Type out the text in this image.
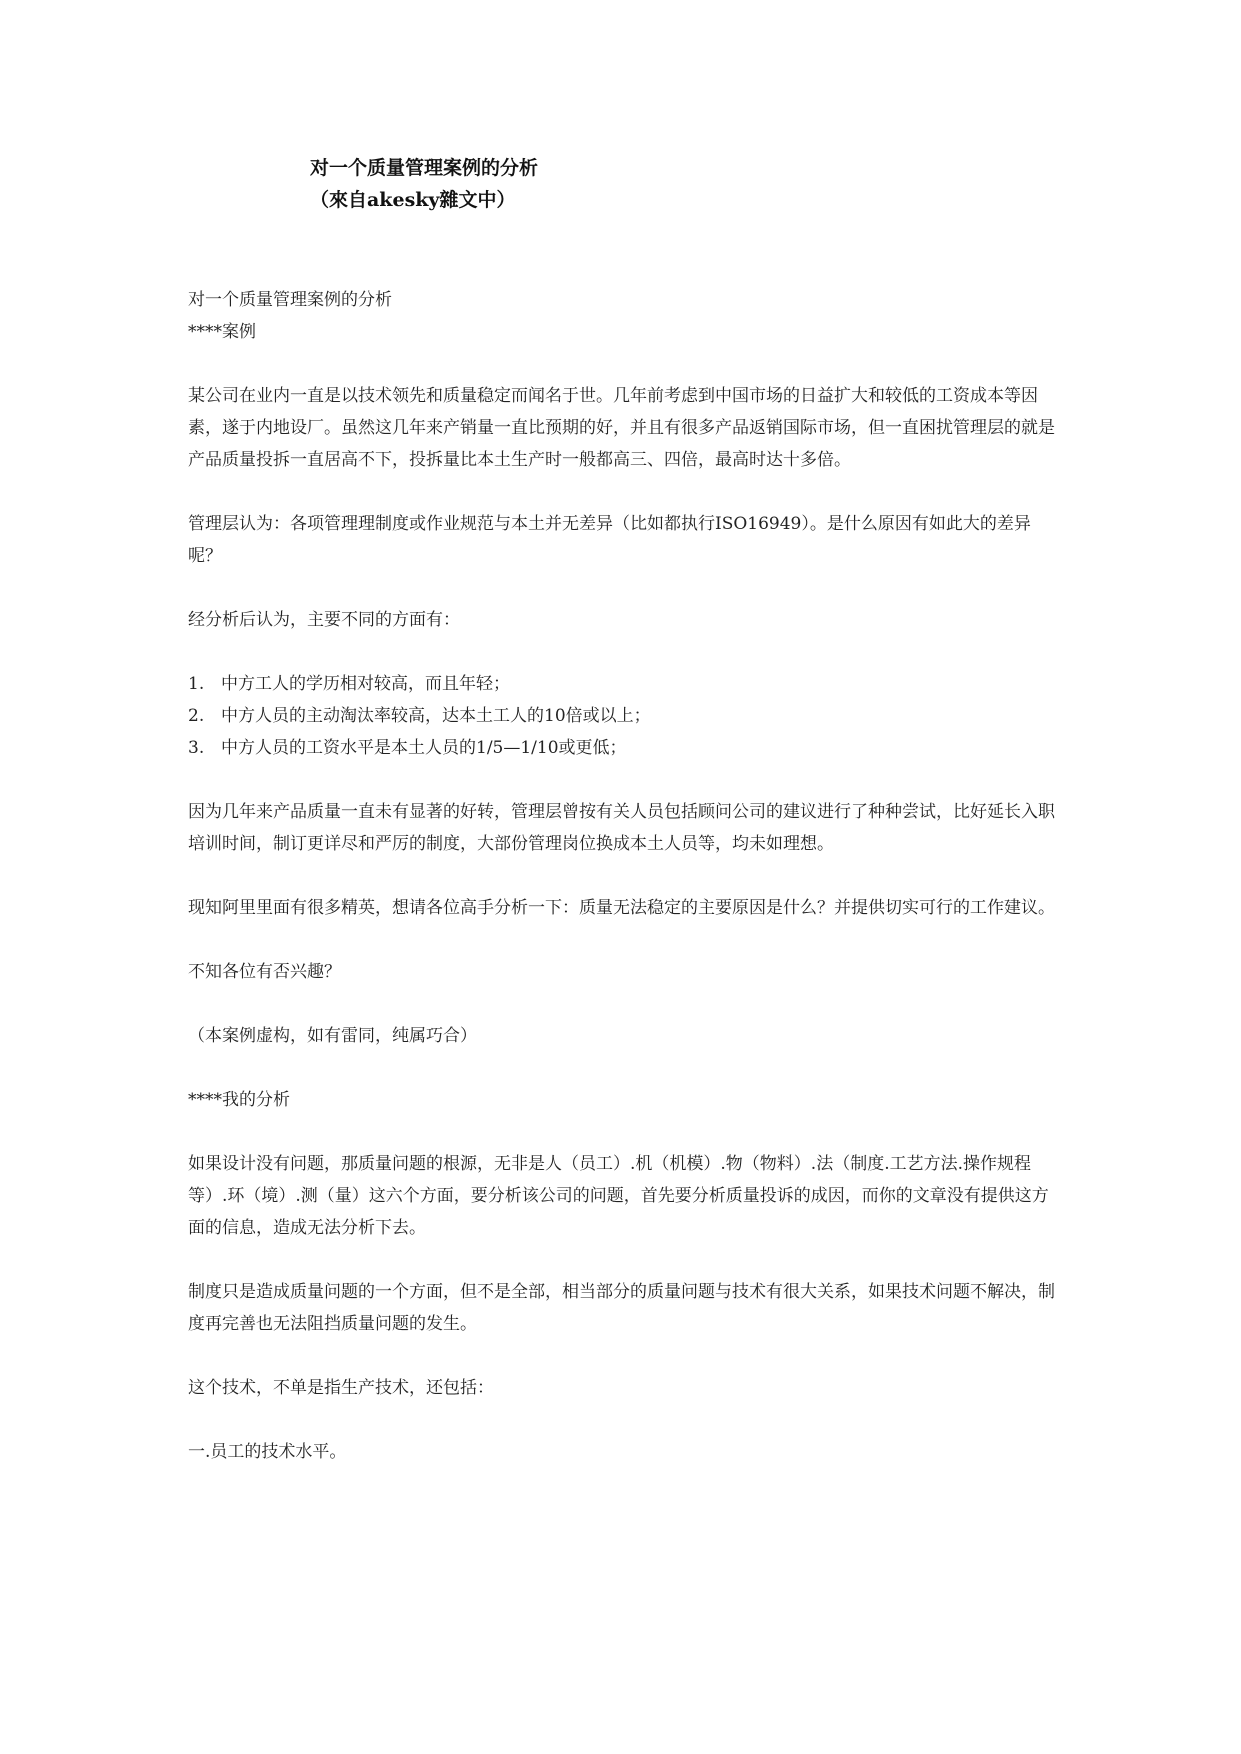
对一个质量管理案例的分析
（來自akesky雜文中）

对一个质量管理案例的分析

****案例

某公司在业内一直是以技术领先和质量稳定而闻名于世。几年前考虑到中国市场的日益扩大和较低的工资成本等因素，遂于内地设厂。虽然这几年来产销量一直比预期的好，并且有很多产品返销国际市场，但一直困扰管理层的就是产品质量投拆一直居高不下，投拆量比本土生产时一般都高三、四倍，最高时达十多倍。

管理层认为：各项管理理制度或作业规范与本土并无差异（比如都执行ISO16949）。是什么原因有如此大的差异呢？

经分析后认为，主要不同的方面有：

1. 中方工人的学历相对较高，而且年轻；
2. 中方人员的主动淘汰率较高，达本土工人的10倍或以上；
3. 中方人员的工资水平是本土人员的1/5—1/10或更低；

因为几年来产品质量一直未有显著的好转，管理层曾按有关人员包括顾问公司的建议进行了种种尝试，比好延长入职培训时间，制订更详尽和严厉的制度，大部份管理岗位换成本土人员等，均未如理想。

现知阿里里面有很多精英，想请各位高手分析一下：质量无法稳定的主要原因是什么？并提供切实可行的工作建议。

不知各位有否兴趣？

（本案例虚构，如有雷同，纯属巧合）

****我的分析

如果设计没有问题，那质量问题的根源，无非是人（员工）.机（机模）.物（物料）.法（制度.工艺方法.操作规程等）.环（境）.测（量）这六个方面，要分析该公司的问题，首先要分析质量投诉的成因，而你的文章没有提供这方面的信息，造成无法分析下去。

制度只是造成质量问题的一个方面，但不是全部，相当部分的质量问题与技术有很大关系，如果技术问题不解决，制度再完善也无法阻挡质量问题的发生。

这个技术，不单是指生产技术，还包括：

一.员工的技术水平。
